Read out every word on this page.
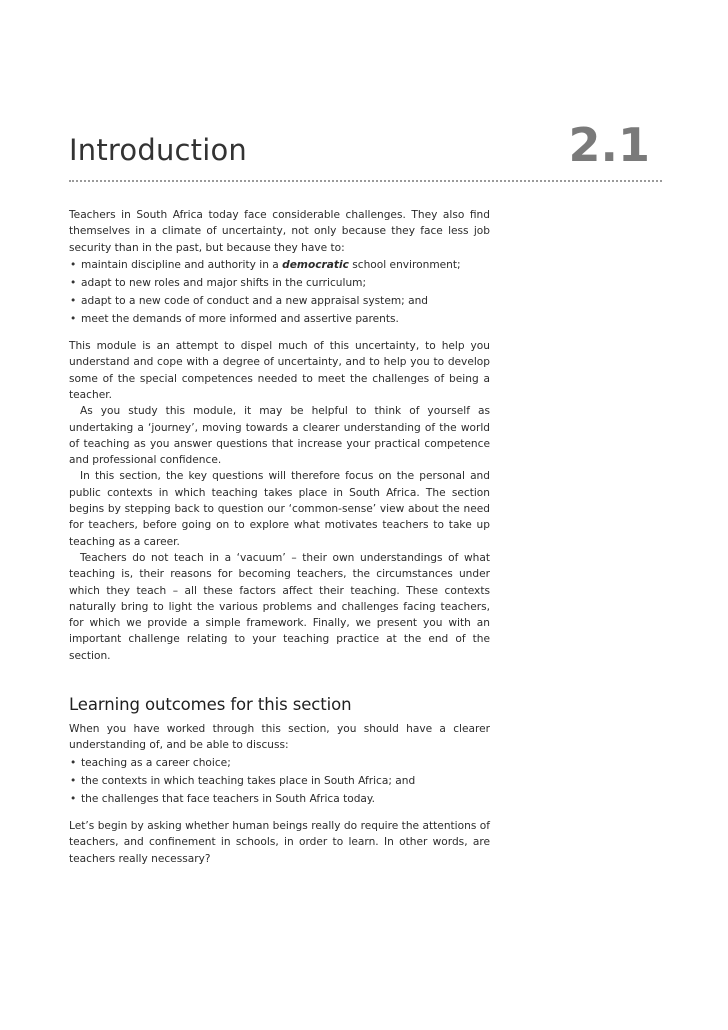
Introduction	2.1

Teachers in South Africa today face considerable challenges. They also find themselves in a climate of uncertainty, not only because they face less job security than in the past, but because they have to:

• maintain discipline and authority in a democratic school environment;
• adapt to new roles and major shifts in the curriculum;
• adapt to a new code of conduct and a new appraisal system; and
• meet the demands of more informed and assertive parents.

This module is an attempt to dispel much of this uncertainty, to help you understand and cope with a degree of uncertainty, and to help you to develop some of the special competences needed to meet the challenges of being a teacher.

As you study this module, it may be helpful to think of yourself as undertaking a ‘journey’, moving towards a clearer understanding of the world of teaching as you answer questions that increase your practical competence and professional confidence.

In this section, the key questions will therefore focus on the personal and public contexts in which teaching takes place in South Africa. The section begins by stepping back to question our ‘common-sense’ view about the need for teachers, before going on to explore what motivates teachers to take up teaching as a career.

Teachers do not teach in a ‘vacuum’ – their own understandings of what teaching is, their reasons for becoming teachers, the circumstances under which they teach – all these factors affect their teaching. These contexts naturally bring to light the various problems and challenges facing teachers, for which we provide a simple framework. Finally, we present you with an important challenge relating to your teaching practice at the end of the section.

Learning outcomes for this section

When you have worked through this section, you should have a clearer understanding of, and be able to discuss:

• teaching as a career choice;
• the contexts in which teaching takes place in South Africa; and
• the challenges that face teachers in South Africa today.

Let’s begin by asking whether human beings really do require the attentions of teachers, and confinement in schools, in order to learn. In other words, are teachers really necessary?
